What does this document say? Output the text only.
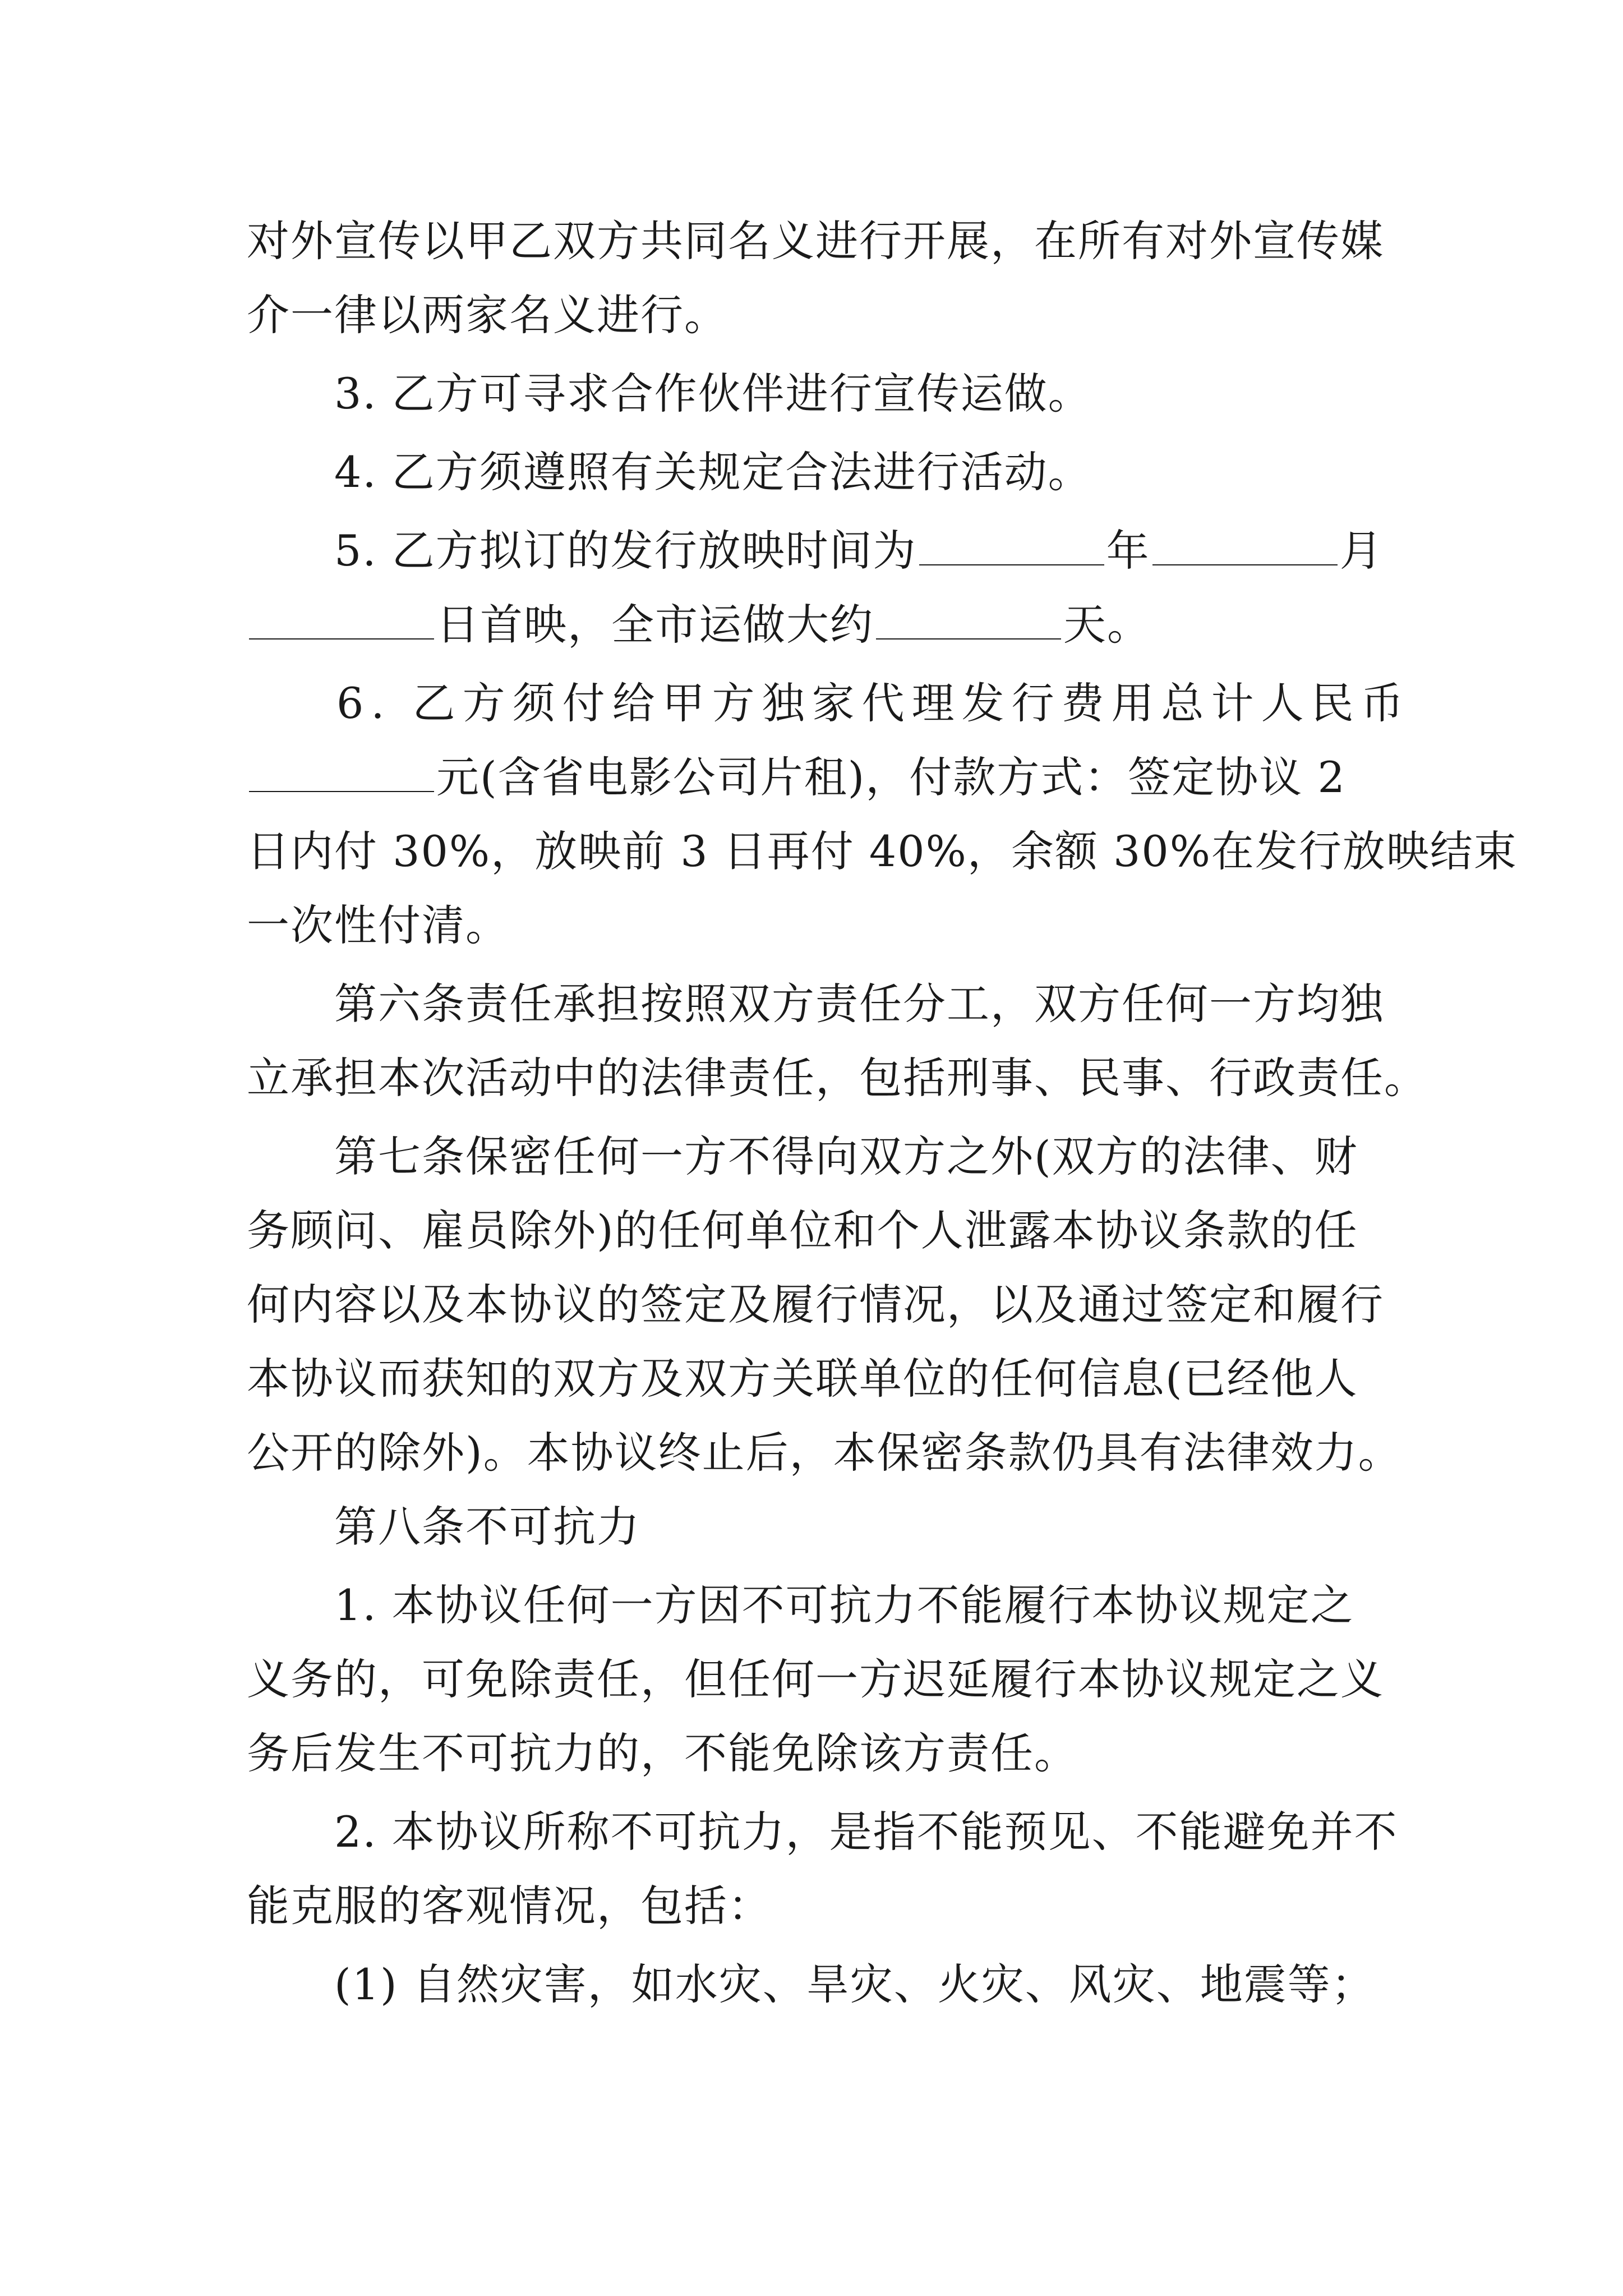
对外宣传以甲乙双方共同名义进行开展，在所有对外宣传媒
介一律以两家名义进行。
3. 乙方可寻求合作伙伴进行宣传运做。
4. 乙方须遵照有关规定合法进行活动。
5. 乙方拟订的发行放映时间为	年	月
日首映，全市运做大约	天。
6. 乙方须付给甲方独家代理发行费用总计人民币
元(含省电影公司片租)，付款方式：签定协议 2
日内付 30%，放映前 3 日再付 40%，余额 30%在发行放映结束
一次性付清。
第六条责任承担按照双方责任分工，双方任何一方均独
立承担本次活动中的法律责任，包括刑事、民事、行政责任。
第七条保密任何一方不得向双方之外(双方的法律、财
务顾问、雇员除外)的任何单位和个人泄露本协议条款的任
何内容以及本协议的签定及履行情况，以及通过签定和履行
本协议而获知的双方及双方关联单位的任何信息(已经他人
公开的除外)。本协议终止后，本保密条款仍具有法律效力。
第八条不可抗力
1. 本协议任何一方因不可抗力不能履行本协议规定之
义务的，可免除责任，但任何一方迟延履行本协议规定之义
务后发生不可抗力的，不能免除该方责任。
2. 本协议所称不可抗力，是指不能预见、不能避免并不
能克服的客观情况，包括：
(1) 自然灾害，如水灾、旱灾、火灾、风灾、地震等；
